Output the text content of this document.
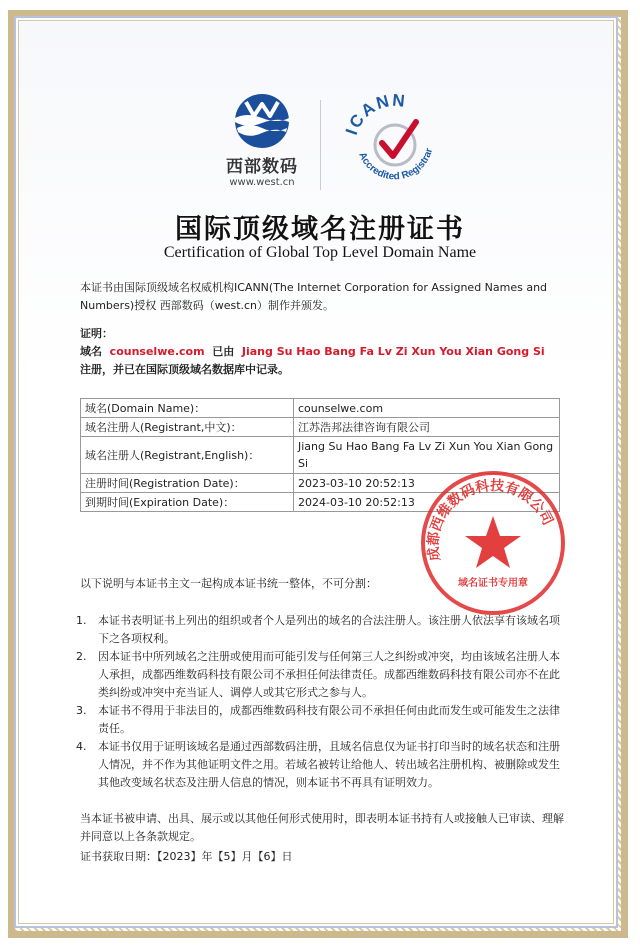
西部数码
www.west.cn
ICANN
Accredited Registrar
国际顶级域名注册证书
Certification of Global Top Level Domain Name
本证书由国际顶级域名权威机构ICANN(The Internet Corporation for Assigned Names and Numbers)授权 西部数码（west.cn）制作并颁发。
证明：
域名 counselwe.com 已由 Jiang Su Hao Bang Fa Lv Zi Xun You Xian Gong Si  注册，并已在国际顶级域名数据库中记录。
域名(Domain Name)：	counselwe.com
域名注册人(Registrant,中文)：	江苏浩邦法律咨询有限公司
域名注册人(Registrant,English)：	Jiang Su Hao Bang Fa Lv Zi Xun You Xian Gong Si
注册时间(Registration Date)：	2023-03-10 20:52:13
到期时间(Expiration Date)：	2024-03-10 20:52:13
成都西维数码科技有限公司
域名证书专用章
以下说明与本证书主文一起构成本证书统一整体，不可分割：
1. 本证书表明证书上列出的组织或者个人是列出的域名的合法注册人。该注册人依法享有该域名项下之各项权利。
2. 因本证书中所列域名之注册或使用而可能引发与任何第三人之纠纷或冲突，均由该域名注册人本人承担，成都西维数码科技有限公司不承担任何法律责任。成都西维数码科技有限公司亦不在此类纠纷或冲突中充当证人、调停人或其它形式之参与人。
3. 本证书不得用于非法目的，成都西维数码科技有限公司不承担任何由此而发生或可能发生之法律责任。
4. 本证书仅用于证明该域名是通过西部数码注册，且域名信息仅为证书打印当时的域名状态和注册人情况，并不作为其他证明文件之用。若域名被转让给他人、转出域名注册机构、被删除或发生其他改变域名状态及注册人信息的情况，则本证书不再具有证明效力。
当本证书被申请、出具、展示或以其他任何形式使用时，即表明本证书持有人或接触人已审读、理解并同意以上各条款规定。
证书获取日期：【2023】年【5】月【6】日
